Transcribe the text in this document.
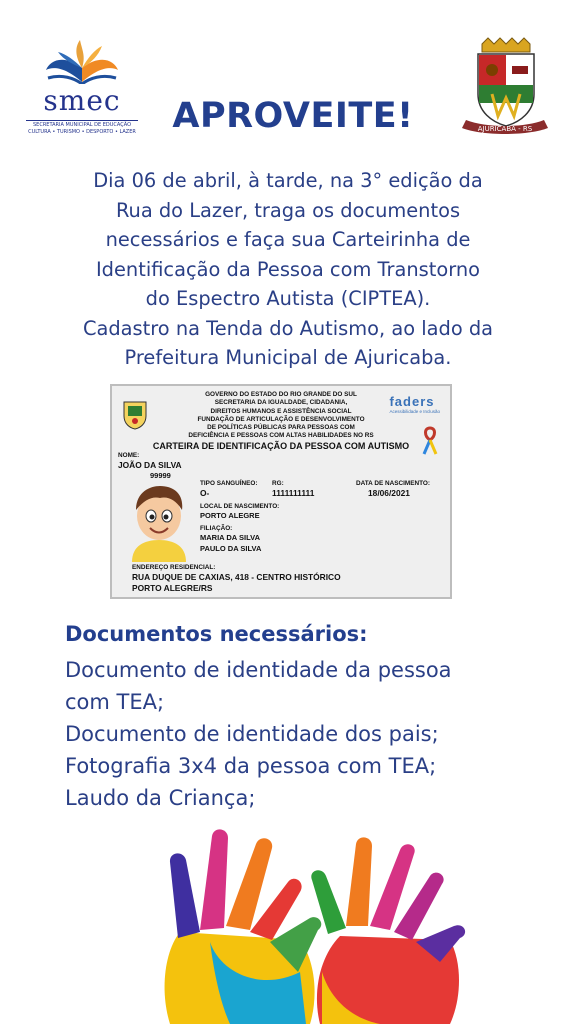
smec
SECRETARIA MUNICIPAL DE EDUCAÇÃO
CULTURA • TURISMO • DESPORTO • LAZER	APROVEITE!	AJURICABA - RS
Dia 06 de abril, à tarde, na 3° edição da
Rua do Lazer, traga os documentos
necessários e faça sua Carteirinha de
Identificação da Pessoa com Transtorno
do Espectro Autista (CIPTEA).
Cadastro na Tenda do Autismo, ao lado da
Prefeitura Municipal de Ajuricaba.
GOVERNO DO ESTADO DO RIO GRANDE DO SUL
SECRETARIA DA IGUALDADE, CIDADANIA,
DIREITOS HUMANOS E ASSISTÊNCIA SOCIAL
FUNDAÇÃO DE ARTICULAÇÃO E DESENVOLVIMENTO
DE POLÍTICAS PÚBLICAS PARA PESSOAS COM
DEFICIÊNCIA E PESSOAS COM ALTAS HABILIDADES NO RS
faders
Acessibilidade e Inclusão
CARTEIRA DE IDENTIFICAÇÃO DA PESSOA COM AUTISMO
NOME:
JOÃO DA SILVA
99999
TIPO SANGUÍNEO:
O-
RG:
1111111111
DATA DE NASCIMENTO:
18/06/2021
LOCAL DE NASCIMENTO:
PORTO ALEGRE
FILIAÇÃO:
MARIA DA SILVA
PAULO DA SILVA
ENDEREÇO RESIDENCIAL:
RUA DUQUE DE CAXIAS, 418 - CENTRO HISTÓRICO
PORTO ALEGRE/RS
Documentos necessários:
Documento de identidade da pessoa
com TEA;
Documento de identidade dos pais;
Fotografia 3x4 da pessoa com TEA;
Laudo da Criança;
